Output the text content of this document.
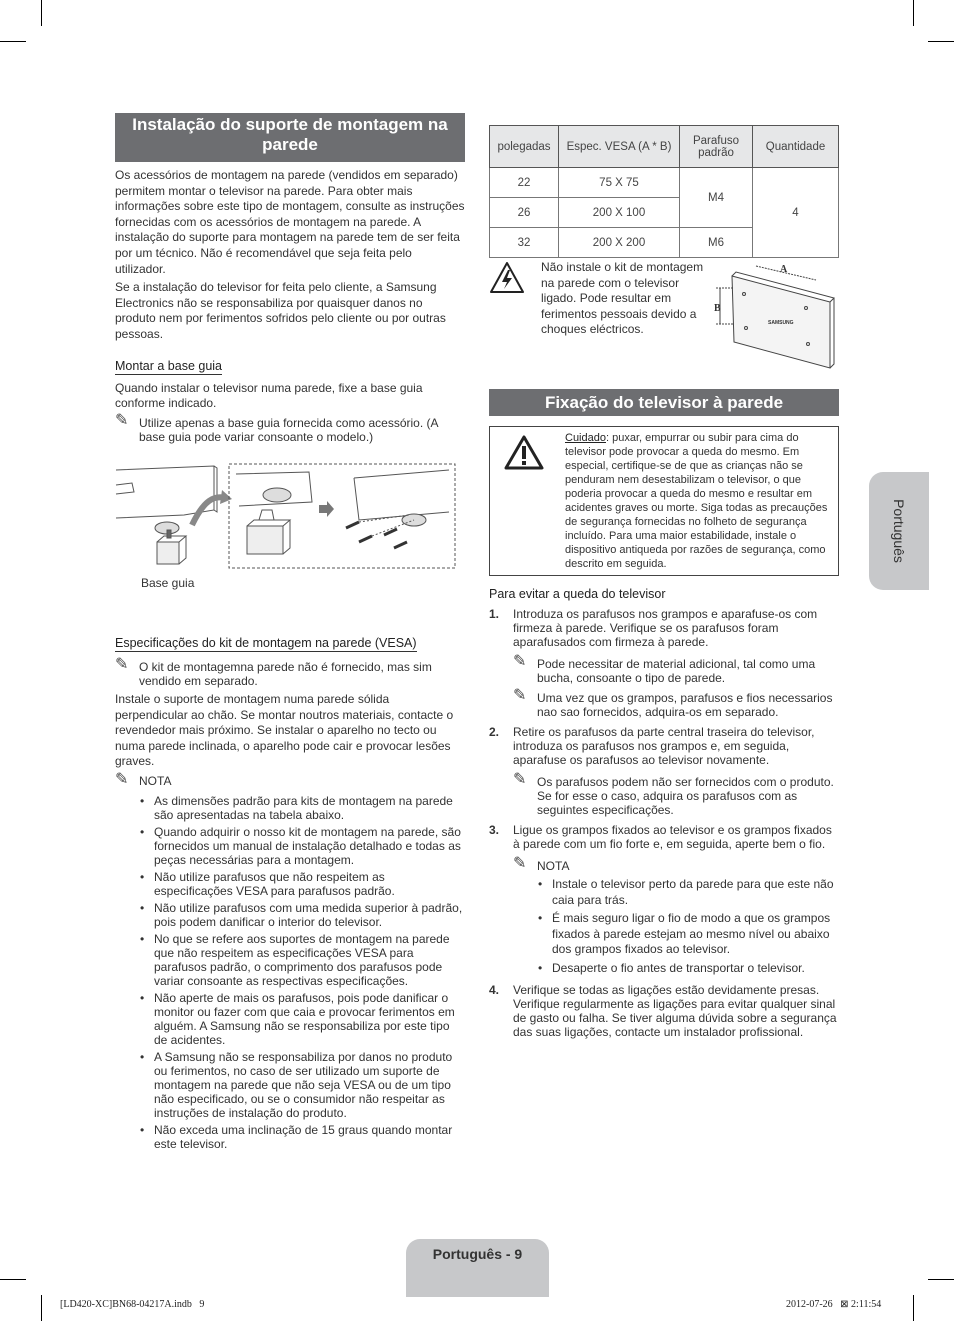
Instalação do suporte de montagem na parede

Os acessórios de montagem na parede (vendidos em separado) permitem montar o televisor na parede. Para obter mais informações sobre este tipo de montagem, consulte as instruções fornecidas com os acessórios de montagem na parede. A instalação do suporte para montagem na parede tem de ser feita por um técnico. Não é recomendável que seja feita pelo utilizador.

Se a instalação do televisor for feita pelo cliente, a Samsung Electronics não se responsabiliza por quaisquer danos no produto nem por ferimentos sofridos pelo cliente ou por outras pessoas.

Montar a base guia

Quando instalar o televisor numa parede, fixe a base guia conforme indicado.

✎ Utilize apenas a base guia fornecida como acessório. (A base guia pode variar consoante o modelo.)
Base guia
Especificações do kit de montagem na parede (VESA)
✎ O kit de montagemna parede não é fornecido, mas sim vendido em separado.

Instale o suporte de montagem numa parede sólida perpendicular ao chão. Se montar noutros materiais, contacte o revendedor mais próximo. Se instalar o aparelho no tecto ou numa parede inclinada, o aparelho pode cair e provocar lesões graves.

✎ NOTA
• As dimensões padrão para kits de montagem na parede são apresentadas na tabela abaixo.
• Quando adquirir o nosso kit de montagem na parede, são fornecidos um manual de instalação detalhado e todas as peças necessárias para a montagem.
• Não utilize parafusos que não respeitem as especificações VESA para parafusos padrão.
• Não utilize parafusos com uma medida superior à padrão, pois podem danificar o interior do televisor.
• No que se refere aos suportes de montagem na parede que não respeitem as especificações VESA para parafusos padrão, o comprimento dos parafusos pode variar consoante as respectivas especificações.
• Não aperte de mais os parafusos, pois pode danificar o monitor ou fazer com que caia e provocar ferimentos em alguém. A Samsung não se responsabiliza por este tipo de acidentes.
• A Samsung não se responsabiliza por danos no produto ou ferimentos, no caso de ser utilizado um suporte de montagem na parede que não seja VESA ou de um tipo não especificado, ou se o consumidor não respeitar as instruções de instalação do produto.
• Não exceda uma inclinação de 15 graus quando montar este televisor.
polegadas	Espec. VESA (A * B)	Parafuso padrão	Quantidade
22	75 X 75	M4	4
26	200 X 100		
32	200 X 200	M6	
Não instale o kit de montagem na parede com o televisor ligado. Pode resultar em ferimentos pessoais devido a choques eléctricos.
A
B
SAMSUNG
Fixação do televisor à parede
Cuidado: puxar, empurrar ou subir para cima do televisor pode provocar a queda do mesmo. Em especial, certifique-se de que as crianças não se penduram nem desestabilizam o televisor, o que poderia provocar a queda do mesmo e resultar em acidentes graves ou morte. Siga todas as precauções de segurança fornecidas no folheto de segurança incluído. Para uma maior estabilidade, instale o dispositivo antiqueda por razões de segurança, como descrito em seguida.
Para evitar a queda do televisor
1. Introduza os parafusos nos grampos e aparafuse-os com firmeza à parede. Verifique se os parafusos foram aparafusados com firmeza à parede.
✎ Pode necessitar de material adicional, tal como uma bucha, consoante o tipo de parede.
✎ Uma vez que os grampos, parafusos e fios necessarios nao sao fornecidos, adquira-os em separado.
2. Retire os parafusos da parte central traseira do televisor, introduza os parafusos nos grampos e, em seguida, aparafuse os parafusos ao televisor novamente.
✎ Os parafusos podem não ser fornecidos com o produto. Se for esse o caso, adquira os parafusos com as seguintes especificações.
3. Ligue os grampos fixados ao televisor e os grampos fixados à parede com um fio forte e, em seguida, aperte bem o fio.
✎ NOTA
• Instale o televisor perto da parede para que este não caia para trás.
• É mais seguro ligar o fio de modo a que os grampos fixados à parede estejam ao mesmo nível ou abaixo dos grampos fixados ao televisor.
• Desaperte o fio antes de transportar o televisor.
4. Verifique se todas as ligações estão devidamente presas. Verifique regularmente as ligações para evitar qualquer sinal de gasto ou falha. Se tiver alguma dúvida sobre a segurança das suas ligações, contacte um instalador profissional.
Português
Português - 9
[LD420-XC]BN68-04217A.indb   9	2012-07-26   ⊠ 2:11:54
